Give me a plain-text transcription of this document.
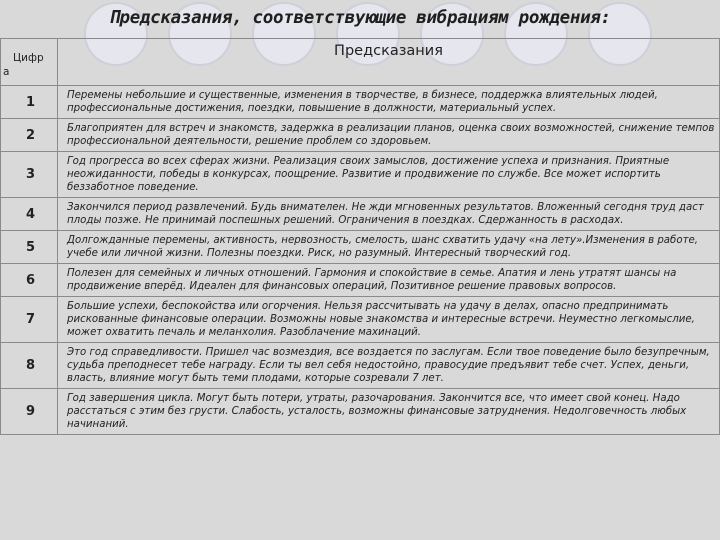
Предсказания, соответствующие вибрациям рождения:
Цифр
а	Предсказания
1	Перемены небольшие и существенные, изменения в творчестве, в бизнесе, поддержка влиятельных людей, профессиональные достижения, поездки, повышение в должности, материальный успех.
2	Благоприятен для встреч и знакомств, задержка в реализации планов, оценка своих возможностей, снижение темпов профессиональной деятельности, решение проблем со здоровьем.
3	Год прогресса во всех сферах жизни. Реализация своих замыслов, достижение успеха и признания. Приятные неожиданности, победы в конкурсах, поощрение. Развитие и продвижение по службе. Все может испортить беззаботное поведение.
4	Закончился период развлечений. Будь внимателен. Не жди мгновенных результатов. Вложенный сегодня труд даст плоды позже. Не принимай поспешных решений. Ограничения в поездках. Сдержанность в расходах.
5	Долгожданные перемены, активность, нервозность, смелость, шанс схватить удачу «на лету».Изменения в работе, учебе или личной жизни. Полезны поездки. Риск, но разумный. Интересный творческий год.
6	Полезен для семейных и личных отношений. Гармония и спокойствие в семье. Апатия и лень утратят шансы на продвижение вперёд. Идеален для финансовых операций, Позитивное решение правовых вопросов.
7	Большие успехи, беспокойства или огорчения. Нельзя рассчитывать на удачу в делах, опасно предпринимать рискованные финансовые операции. Возможны новые знакомства и интересные встречи. Неуместно легкомыслие, может охватить печаль и меланхолия. Разоблачение махинаций.
8	Это год справедливости. Пришел час возмездия, все воздается по заслугам. Если твое поведение было безупречным, судьба преподнесет тебе награду. Если ты вел себя недостойно, правосудие предъявит тебе счет. Успех, деньги, власть, влияние могут быть теми плодами, которые созревали 7 лет.
9	Год завершения цикла. Могут быть потери, утраты, разочарования. Закончится все, что имеет свой конец. Надо расстаться с этим без грусти. Слабость, усталость, возможны финансовые затруднения. Недолговечность любых начинаний.
